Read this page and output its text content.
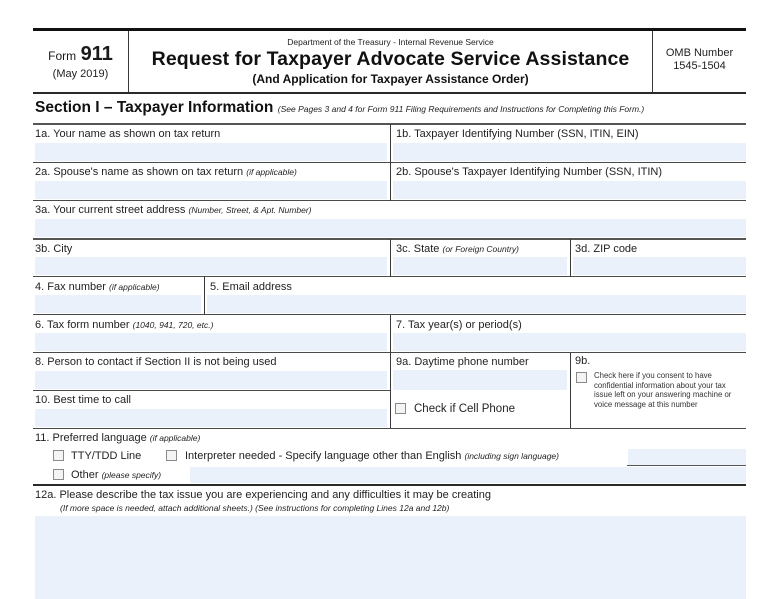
Form 911
(May 2019)
Department of the Treasury - Internal Revenue Service
Request for Taxpayer Advocate Service Assistance
(And Application for Taxpayer Assistance Order)
OMB Number
1545-1504
Section I – Taxpayer Information (See Pages 3 and 4 for Form 911 Filing Requirements and Instructions for Completing this Form.)
1a. Your name as shown on tax return	1b. Taxpayer Identifying Number (SSN, ITIN, EIN)
2a. Spouse's name as shown on tax return (if applicable)	2b. Spouse's Taxpayer Identifying Number (SSN, ITIN)
3a. Your current street address (Number, Street, & Apt. Number)
3b. City	3c. State (or Foreign Country)	3d. ZIP code
4. Fax number (if applicable)	5. Email address
6. Tax form number (1040, 941, 720, etc.)	7. Tax year(s) or period(s)
8. Person to contact if Section II is not being used	9a. Daytime phone number
Check if Cell Phone
9b.
Check here if you consent to have confidential information about your tax issue left on your answering machine or voice message at this number
10. Best time to call
11. Preferred language (if applicable)
TTY/TDD Line	Interpreter needed - Specify language other than English (including sign language)
Other (please specify)
12a. Please describe the tax issue you are experiencing and any difficulties it may be creating
(If more space is needed, attach additional sheets.) (See instructions for completing Lines 12a and 12b)
